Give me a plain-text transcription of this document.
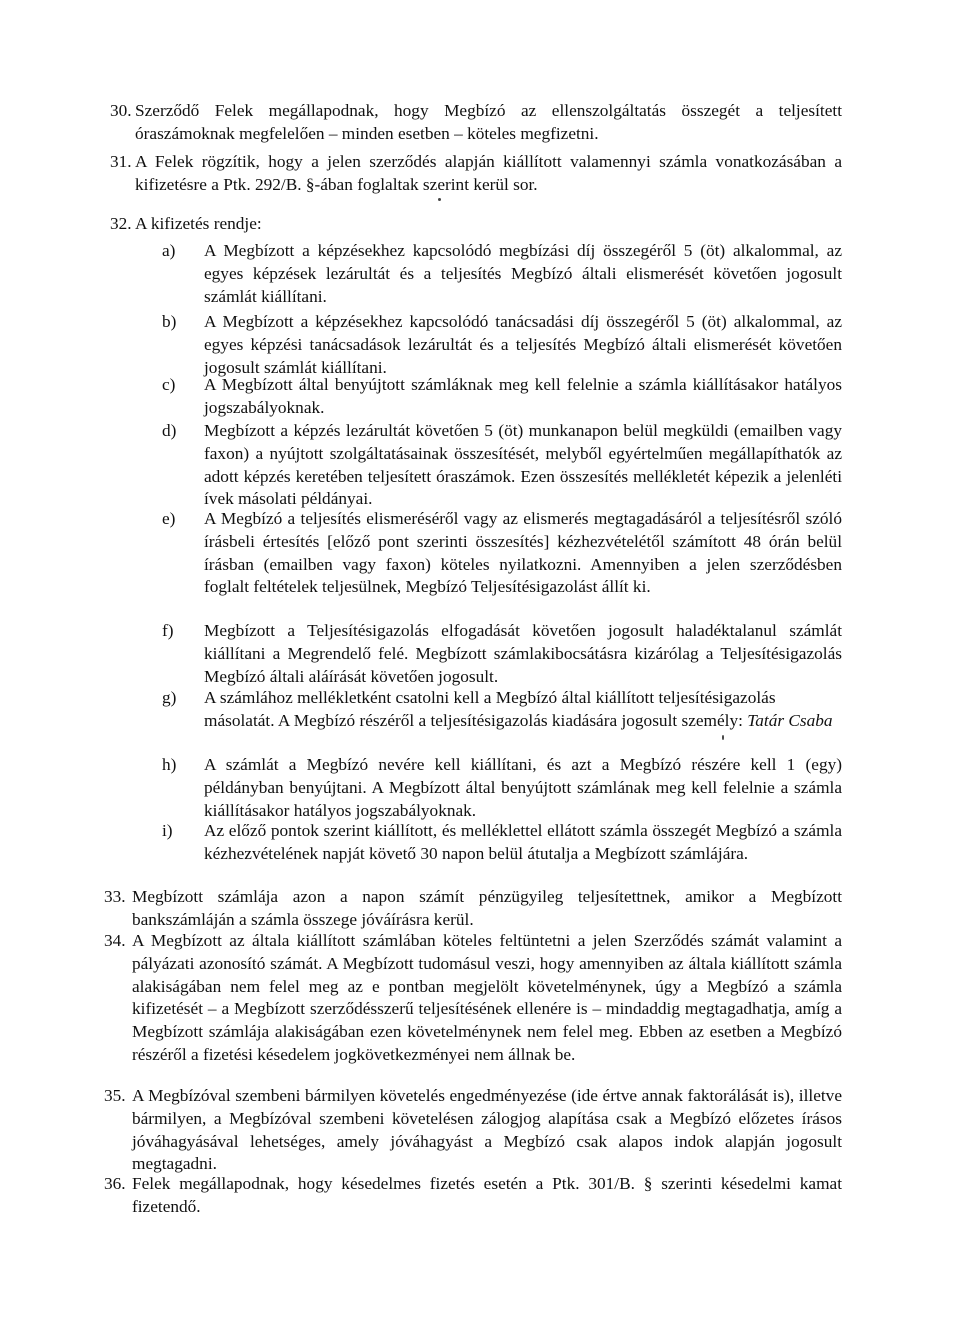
30. Szerződő Felek megállapodnak, hogy Megbízó az ellenszolgáltatás összegét a teljesített óraszámoknak megfelelően – minden esetben – köteles megfizetni.
31. A Felek rögzítik, hogy a jelen szerződés alapján kiállított valamennyi számla vonatkozásában a kifizetésre a Ptk. 292/B. §-ában foglaltak szerint kerül sor.
32. A kifizetés rendje:
a) A Megbízott a képzésekhez kapcsolódó megbízási díj összegéről 5 (öt) alkalommal, az egyes képzések lezárultát és a teljesítés Megbízó általi elismerését követően jogosult számlát kiállítani.
b) A Megbízott a képzésekhez kapcsolódó tanácsadási díj összegéről 5 (öt) alkalommal, az egyes képzési tanácsadások lezárultát és a teljesítés Megbízó általi elismerését követően jogosult számlát kiállítani.
c) A Megbízott által benyújtott számláknak meg kell felelnie a számla kiállításakor hatályos jogszabályoknak.
d) Megbízott a képzés lezárultát követően 5 (öt) munkanapon belül megküldi (emailben vagy faxon) a nyújtott szolgáltatásainak összesítését, melyből egyértelműen megállapíthatók az adott képzés keretében teljesített óraszámok. Ezen összesítés mellékletét képezik a jelenléti ívek másolati példányai.
e) A Megbízó a teljesítés elismeréséről vagy az elismerés megtagadásáról a teljesítésről szóló írásbeli értesítés [előző pont szerinti összesítés] kézhezvételétől számított 48 órán belül írásban (emailben vagy faxon) köteles nyilatkozni. Amennyiben a jelen szerződésben foglalt feltételek teljesülnek, Megbízó Teljesítésigazolást állít ki.
f) Megbízott a Teljesítésigazolás elfogadását követően jogosult haladéktalanul számlát kiállítani a Megrendelő felé. Megbízott számlakibocsátásra kizárólag a Teljesítésigazolás Megbízó általi aláírását követően jogosult.
g) A számlához mellékletként csatolni kell a Megbízó által kiállított teljesítésigazolás másolatát. A Megbízó részéről a teljesítésigazolás kiadására jogosult személy: Tatár Csaba
h) A számlát a Megbízó nevére kell kiállítani, és azt a Megbízó részére kell 1 (egy) példányban benyújtani. A Megbízott által benyújtott számlának meg kell felelnie a számla kiállításakor hatályos jogszabályoknak.
i) Az előző pontok szerint kiállított, és melléklettel ellátott számla összegét Megbízó a számla kézhezvételének napját követő 30 napon belül átutalja a Megbízott számlájára.
33. Megbízott számlája azon a napon számít pénzügyileg teljesítettnek, amikor a Megbízott bankszámláján a számla összege jóváírásra kerül.
34. A Megbízott az általa kiállított számlában köteles feltüntetni a jelen Szerződés számát valamint a pályázati azonosító számát. A Megbízott tudomásul veszi, hogy amennyiben az általa kiállított számla alakiságában nem felel meg az e pontban megjelölt követelménynek, úgy a Megbízó a számla kifizetését – a Megbízott szerződésszerű teljesítésének ellenére is – mindaddig megtagadhatja, amíg a Megbízott számlája alakiságában ezen követelménynek nem felel meg. Ebben az esetben a Megbízó részéről a fizetési késedelem jogkövetkezményei nem állnak be.
35. A Megbízóval szembeni bármilyen követelés engedményezése (ide értve annak faktorálását is), illetve bármilyen, a Megbízóval szembeni követelésen zálogjog alapítása csak a Megbízó előzetes írásos jóváhagyásával lehetséges, amely jóváhagyást a Megbízó csak alapos indok alapján jogosult megtagadni.
36. Felek megállapodnak, hogy késedelmes fizetés esetén a Ptk. 301/B. § szerinti késedelmi kamat fizetendő.
